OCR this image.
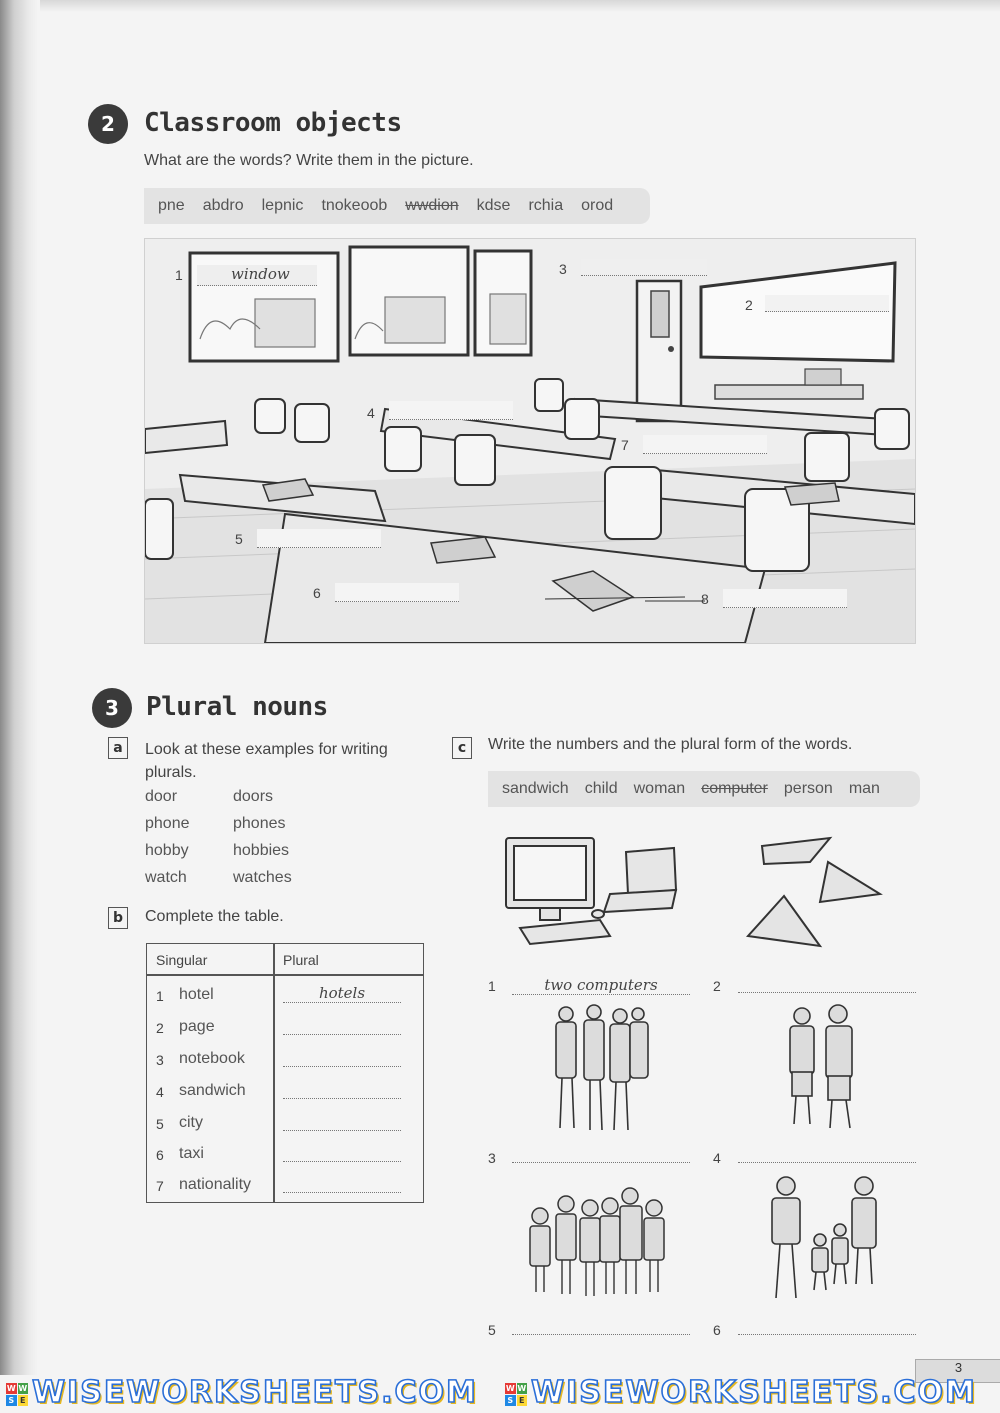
2	Classroom objects
What are the words? Write them in the picture.
pne abdro lepnic tnokeoob wwdion kdse rchia orod
1	window
2
3
4
5
6
7
8
3	Plural nouns
a	Look at these examples for writing plurals.
door	doors
phone	phones
hobby	hobbies
watch	watches
b	Complete the table.
Singular	Plural
1 hotel	hotels
2 page
3 notebook
4 sandwich
5 city
6 taxi
7 nationality
c	Write the numbers and the plural form of the words.
sandwich child woman computer person man
1	two computers	2
3	4
5	6
3
W W
S E WISEWORKSHEETS.COM	W W
S E WISEWORKSHEETS.COM
